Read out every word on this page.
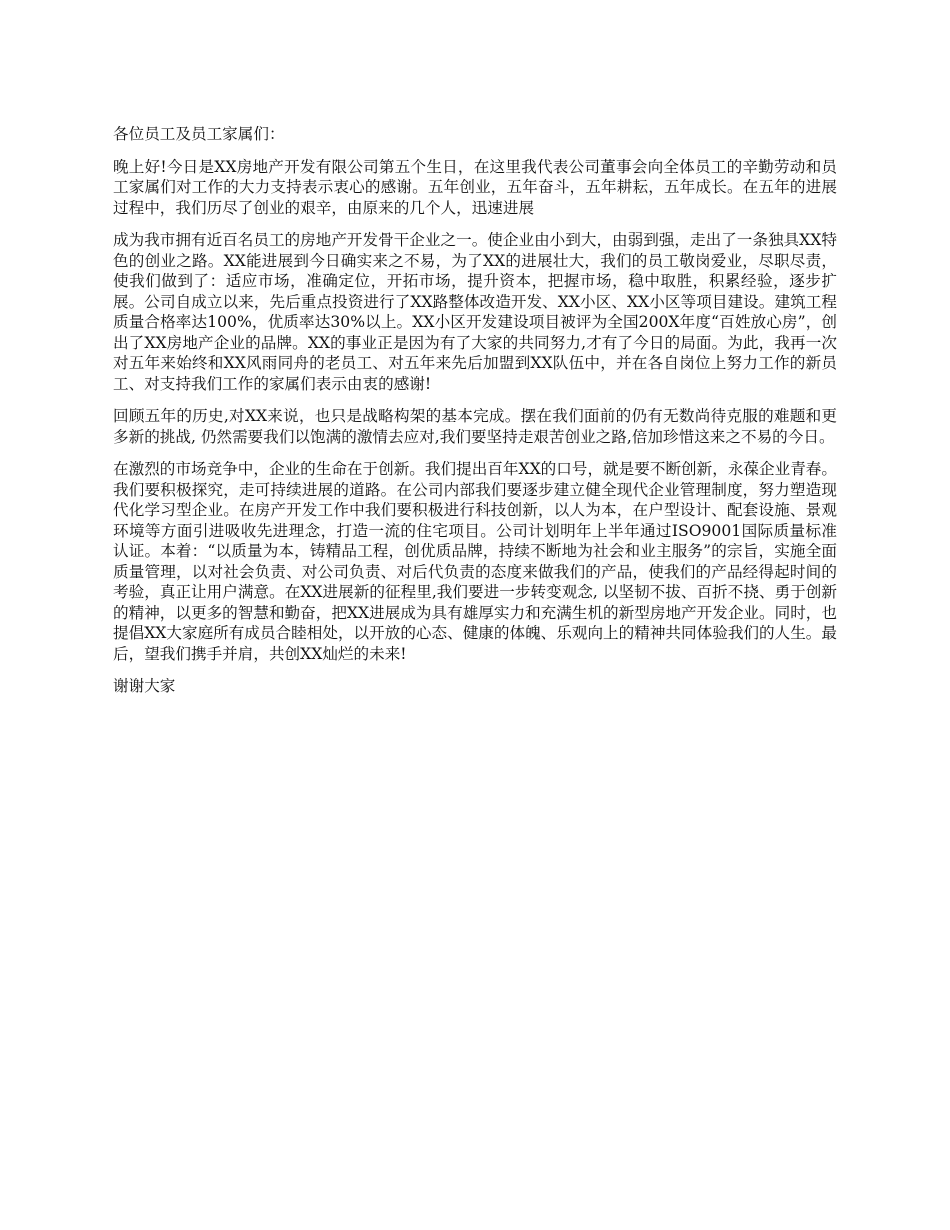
各位员工及员工家属们：

晚上好!今日是XX房地产开发有限公司第五个生日，在这里我代表公司董事会向全体员工的辛勤劳动和员工家属们对工作的大力支持表示衷心的感谢。五年创业，五年奋斗，五年耕耘，五年成长。在五年的进展过程中，我们历尽了创业的艰辛，由原来的几个人，迅速进展

成为我市拥有近百名员工的房地产开发骨干企业之一。使企业由小到大，由弱到强，走出了一条独具XX特色的创业之路。XX能进展到今日确实来之不易，为了XX的进展壮大，我们的员工敬岗爱业，尽职尽责，使我们做到了：适应市场，准确定位，开拓市场，提升资本，把握市场，稳中取胜，积累经验，逐步扩展。公司自成立以来，先后重点投资进行了XX路整体改造开发、XX小区、XX小区等项目建设。建筑工程质量合格率达100%，优质率达30%以上。XX小区开发建设项目被评为全国200X年度“百姓放心房”，创出了XX房地产企业的品牌。XX的事业正是因为有了大家的共同努力,才有了今日的局面。为此，我再一次对五年来始终和XX风雨同舟的老员工、对五年来先后加盟到XX队伍中，并在各自岗位上努力工作的新员工、对支持我们工作的家属们表示由衷的感谢!

回顾五年的历史,对XX来说，也只是战略构架的基本完成。摆在我们面前的仍有无数尚待克服的难题和更多新的挑战, 仍然需要我们以饱满的激情去应对,我们要坚持走艰苦创业之路,倍加珍惜这来之不易的今日。

在激烈的市场竞争中，企业的生命在于创新。我们提出百年XX的口号，就是要不断创新，永葆企业青春。我们要积极探究，走可持续进展的道路。在公司内部我们要逐步建立健全现代企业管理制度，努力塑造现代化学习型企业。在房产开发工作中我们要积极进行科技创新，以人为本，在户型设计、配套设施、景观环境等方面引进吸收先进理念，打造一流的住宅项目。公司计划明年上半年通过ISO9001国际质量标准认证。本着：“以质量为本，铸精品工程，创优质品牌，持续不断地为社会和业主服务”的宗旨，实施全面质量管理，以对社会负责、对公司负责、对后代负责的态度来做我们的产品，使我们的产品经得起时间的考验，真正让用户满意。在XX进展新的征程里,我们要进一步转变观念, 以坚韧不拔、百折不挠、勇于创新的精神，以更多的智慧和勤奋，把XX进展成为具有雄厚实力和充满生机的新型房地产开发企业。同时，也提倡XX大家庭所有成员合睦相处，以开放的心态、健康的体魄、乐观向上的精神共同体验我们的人生。最后，望我们携手并肩，共创XX灿烂的未来!

谢谢大家
